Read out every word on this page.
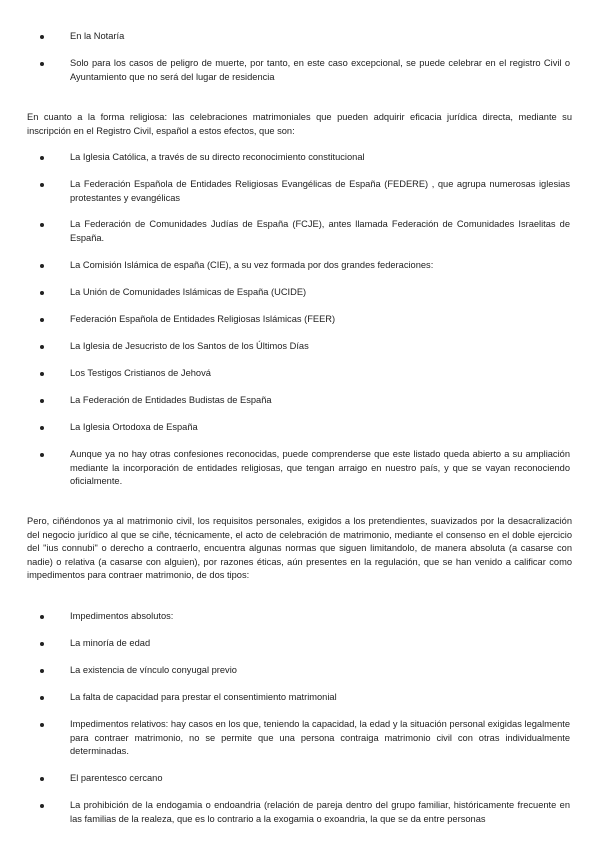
En la Notaría
Solo para los casos de peligro de muerte, por tanto, en este caso excepcional, se puede celebrar en el registro Civil o Ayuntamiento que no será del lugar de residencia

En cuanto a la forma religiosa: las celebraciones matrimoniales que pueden adquirir eficacia jurídica directa, mediante su inscripción en el Registro Civil, español a estos efectos, que son:

La Iglesia Católica, a través de su directo reconocimiento constitucional
La Federación Española de Entidades Religiosas Evangélicas de España (FEDERE) , que agrupa numerosas iglesias protestantes y evangélicas
La Federación de Comunidades Judías de España (FCJE), antes llamada Federación de Comunidades Israelitas de España.
La Comisión Islámica de españa (CIE), a su vez formada por dos grandes federaciones:
La Unión de Comunidades Islámicas de España (UCIDE)
Federación Española de Entidades Religiosas Islámicas (FEER)
La Iglesia de Jesucristo de los Santos de los Últimos Días
Los Testigos Cristianos de Jehová
La Federación de Entidades Budistas de España
La Iglesia Ortodoxa de España
Aunque ya no hay otras confesiones reconocidas, puede comprenderse que este listado queda abierto a su ampliación mediante la incorporación de entidades religiosas, que tengan arraigo en nuestro país, y que se vayan reconociendo oficialmente.

Pero, ciñéndonos ya al matrimonio civil, los requisitos personales, exigidos a los pretendientes, suavizados por la desacralización del negocio jurídico al que se ciñe, técnicamente, el acto de celebración de matrimonio, mediante el consenso en el doble ejercicio del "ius connubi" o derecho a contraerlo, encuentra algunas normas que siguen limitandolo, de manera absoluta (a casarse con nadie) o relativa (a casarse con alguien), por razones éticas, aún presentes en la regulación, que se han venido a calificar como impedimentos para contraer matrimonio, de dos tipos:

Impedimentos absolutos:
La minoría de edad
La existencia de vínculo conyugal previo
La falta de capacidad para prestar el consentimiento matrimonial
Impedimentos relativos: hay casos en los que, teniendo la capacidad, la edad y la situación personal exigidas legalmente para contraer matrimonio, no se permite que una persona contraiga matrimonio civil con otras individualmente determinadas.
El parentesco cercano
La prohibición de la endogamia o endoandria (relación de pareja dentro del grupo familiar, históricamente frecuente en las familias de la realeza, que es lo contrario a la exogamia o exoandria, la que se da entre personas
